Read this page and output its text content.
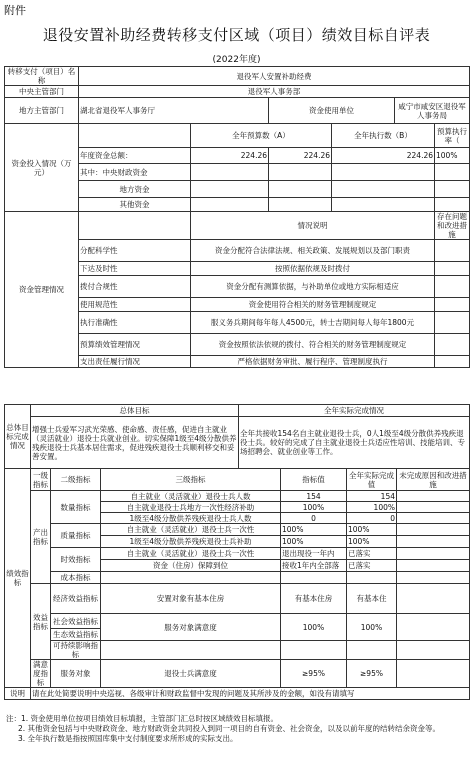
附件
退役安置补助经费转移支付区域（项目）绩效目标自评表
(2022年度)
转移支付（项目）名称	退役军人安置补助经费					
中央主管部门	退役军人事务部					
地方主管部门	湖北省退役军人事务厅		资金使用单位		咸宁市咸安区退役军人事务局	
资金投入情况（万元）		全年预算数（A）		全年执行数（B）		预算执行率（
	年度资金总额：	224.26	224.26	224.26		100%
	其中：中央财政资金					
	地方资金					
	其他资金					
资金管理情况		情况说明				存在问题和改进措施
	分配科学性	资金分配符合法律法规、相关政策、发展规划以及部门职责				
	下达及时性	按照依据依规及时拨付				
	拨付合规性	资金分配有测算依据，与补助单位或地方实际相适应				
	使用规范性	资金使用符合相关的财务管理制度规定				
	执行准确性	服义务兵期间每年每人4500元，转士吉期间每人每年1800元				
	预算绩效管理情况	资金按照依法依规的拨付、符合相关的财务管理制度规定				
	支出责任履行情况	严格依据财务审批、履行程序、管理制度执行				
总体目标完成情况	总体目标	全年实际完成情况
	增强士兵爱军习武光荣感、使命感、责任感，促进自主就业（灵活就业）退役士兵就业创业。切实保障1级至4级分散供养残疾退役士兵基本居住需求，促进残疾退役士兵顺利移交和妥善安置。	全年共接收154名自主就业退役士兵，0人1级至4级分散供养残疾退役士兵。较好的完成了自主就业退役士兵适应性培训、技能培训、专场招聘会、就业创业等工作。
绩效指标	一级指标	二级指标	三级指标	指标值	全年实际完成值	未完成原因和改进措施
	产出指标	数量指标	自主就业（灵活就业）退役士兵人数	154	154	
			自主就业退役士兵地方一次性经济补助	100%	100%	
			1级至4级分散供养残疾退役士兵人数	0	0	
		质量指标	自主就业（灵活就业）退役士兵一次性	100%	100%	
			1级至4级分散供养残疾退役士兵补助	100%	100%	
		时效指标	自主就业（灵活就业）退役士兵一次性	退出现役一年内	已落实	
			资金（住房）保障到位	接收1年内全部落	已落实	
		成本指标				
	效益指标	经济效益指标	安置对象有基本住房	有基本住房	有基本住	
		社会效益指标	服务对象满意度	100%	100%	
		生态效益指标				
		可持续影响指标				
	满意度指标	服务对象	退役士兵满意度	≥95%	≥95%	
说明	请在此处简要说明中央巡视、各级审计和财政监督中发现的问题及其所涉及的金额，如没有请填写					
注：1. 资金使用单位按项目绩效目标填报，主管部门汇总时按区域绩效目标填报。
2. 其他资金包括与中央财政资金、地方财政资金共同投入到同一项目的自有资金、社会资金，以及以前年度的结转结余资金等。
3. 全年执行数是指按照国库集中支付制度要求所形成的实际支出。
